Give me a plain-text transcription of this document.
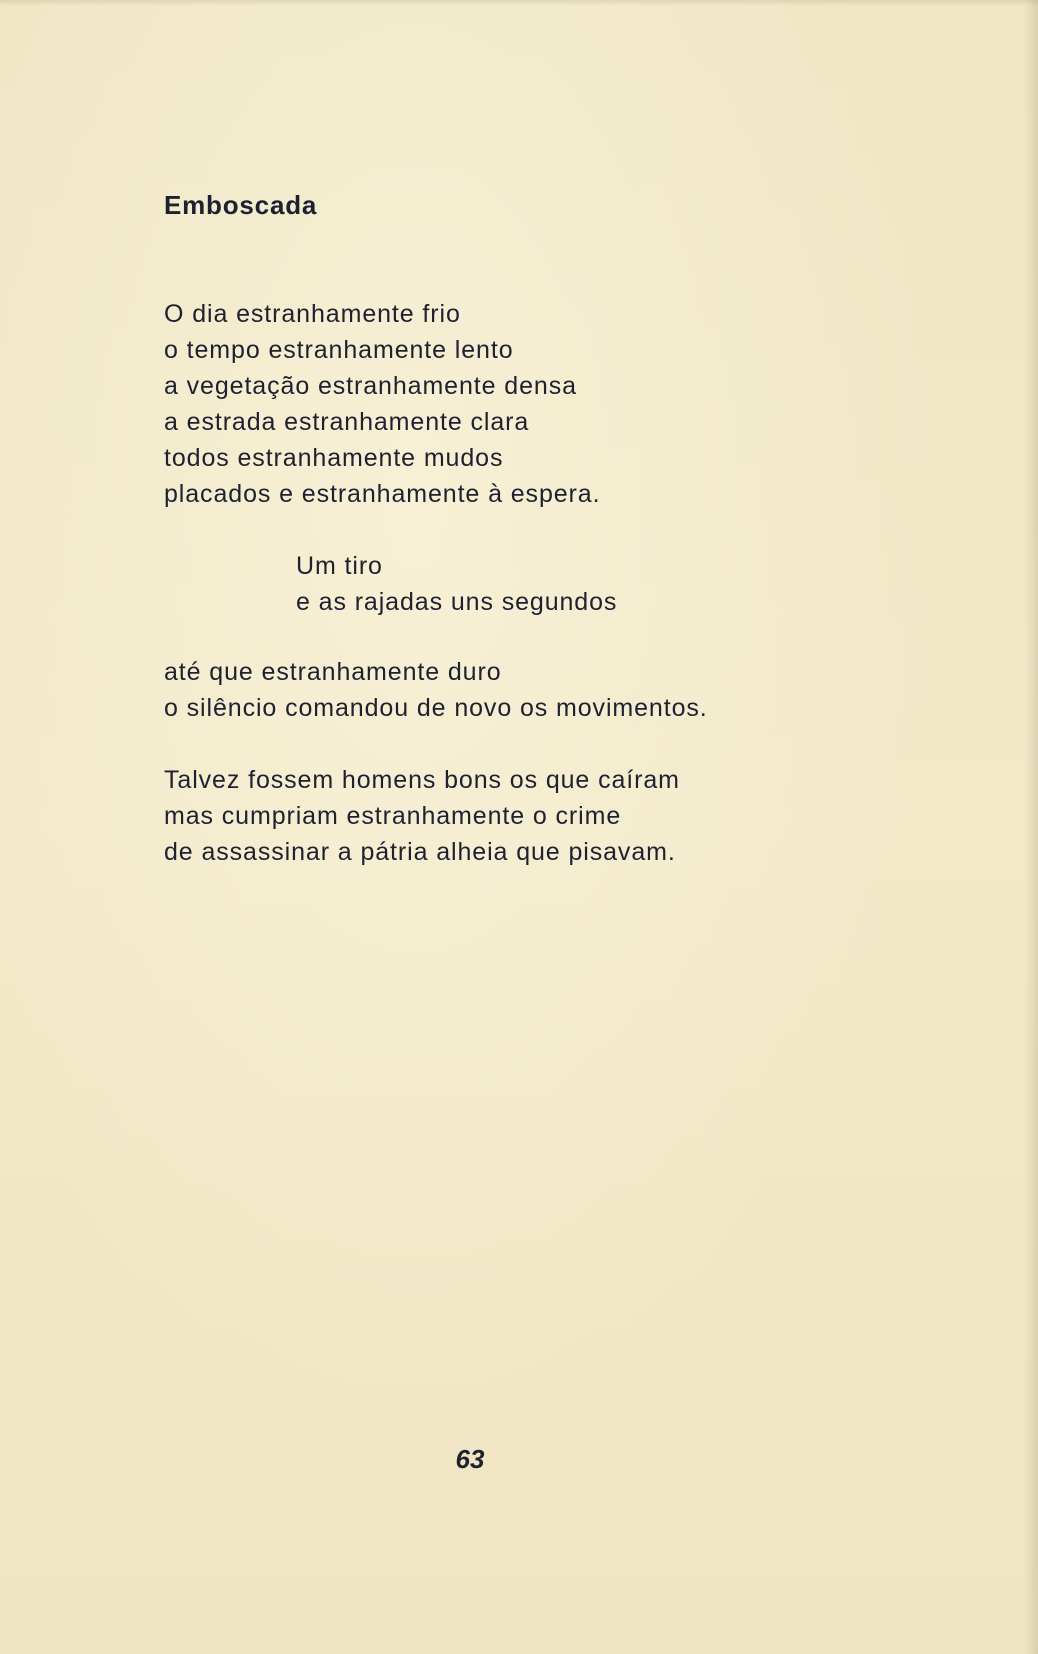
Emboscada
O dia estranhamente frio
o tempo estranhamente lento
a vegetação estranhamente densa
a estrada estranhamente clara
todos estranhamente mudos
placados e estranhamente à espera.
Um tiro
e as rajadas uns segundos
até que estranhamente duro
o silêncio comandou de novo os movimentos.
Talvez fossem homens bons os que caíram
mas cumpriam estranhamente o crime
de assassinar a pátria alheia que pisavam.
63
